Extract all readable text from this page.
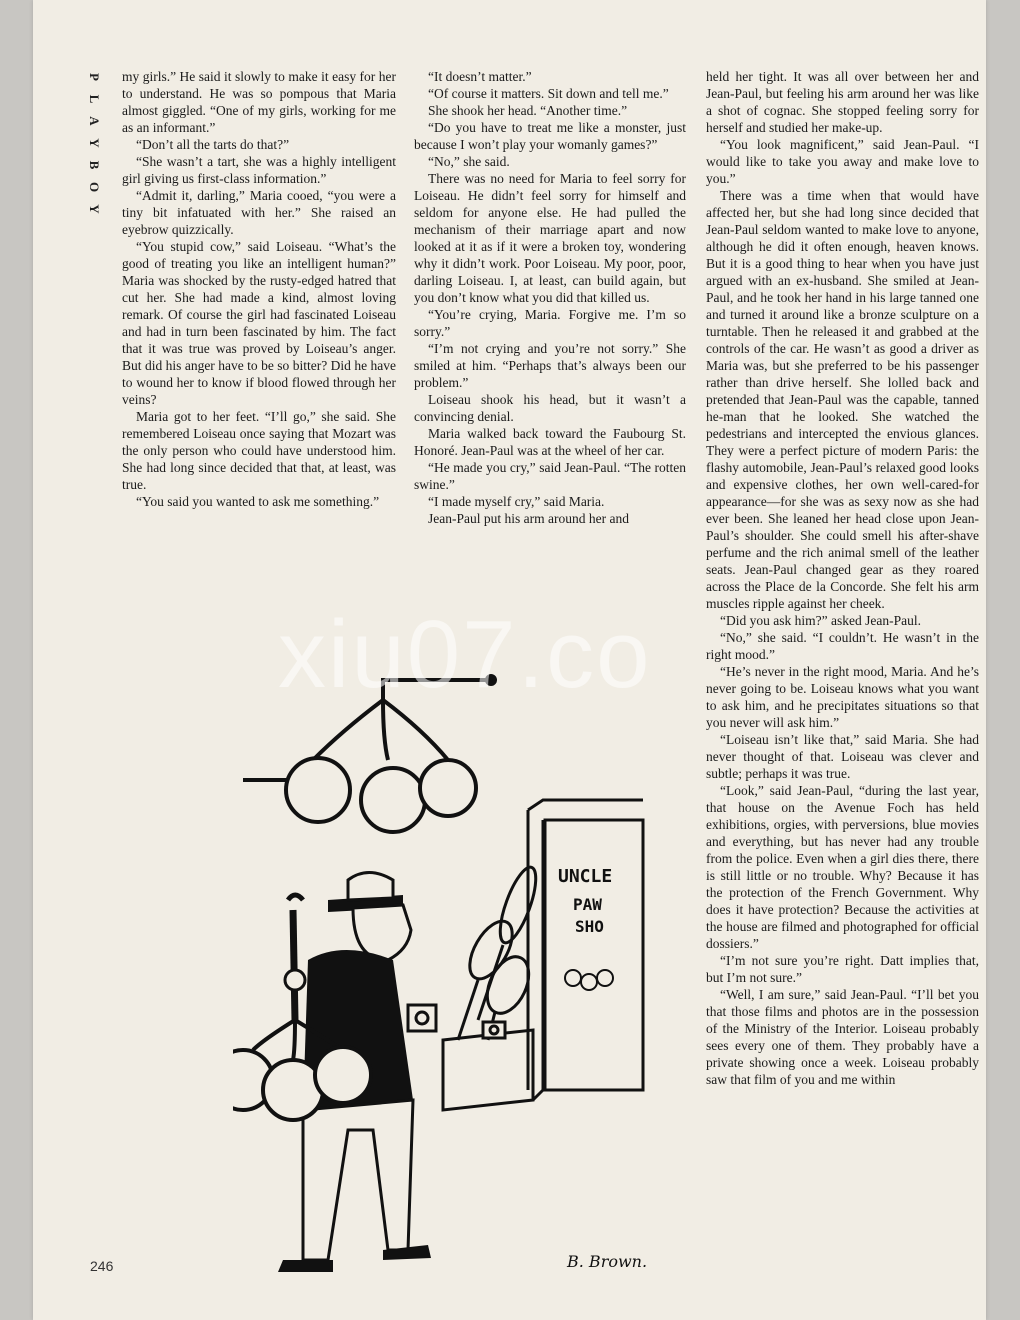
P
L
A
Y
B
O
Y

my girls.” He said it slowly to make it easy for her to understand. He was so pompous that Maria almost giggled. “One of my girls, working for me as an informant.”

“Don’t all the tarts do that?”

“She wasn’t a tart, she was a highly intelligent girl giving us first-class information.”

“Admit it, darling,” Maria cooed, “you were a tiny bit infatuated with her.” She raised an eyebrow quizzically.

“You stupid cow,” said Loiseau. “What’s the good of treating you like an intelligent human?” Maria was shocked by the rusty-edged hatred that cut her. She had made a kind, almost loving remark. Of course the girl had fascinated Loiseau and had in turn been fascinated by him. The fact that it was true was proved by Loiseau’s anger. But did his anger have to be so bitter? Did he have to wound her to know if blood flowed through her veins?

Maria got to her feet. “I’ll go,” she said. She remembered Loiseau once saying that Mozart was the only person who could have understood him. She had long since decided that that, at least, was true.

“You said you wanted to ask me something.”

“It doesn’t matter.”

“Of course it matters. Sit down and tell me.”

She shook her head. “Another time.”

“Do you have to treat me like a monster, just because I won’t play your womanly games?”

“No,” she said.

There was no need for Maria to feel sorry for Loiseau. He didn’t feel sorry for himself and seldom for anyone else. He had pulled the mechanism of their marriage apart and now looked at it as if it were a broken toy, wondering why it didn’t work. Poor Loiseau. My poor, poor, darling Loiseau. I, at least, can build again, but you don’t know what you did that killed us.

“You’re crying, Maria. Forgive me. I’m so sorry.”

“I’m not crying and you’re not sorry.” She smiled at him. “Perhaps that’s always been our problem.”

Loiseau shook his head, but it wasn’t a convincing denial.

Maria walked back toward the Faubourg St. Honoré. Jean-Paul was at the wheel of her car.

“He made you cry,” said Jean-Paul. “The rotten swine.”

“I made myself cry,” said Maria.

Jean-Paul put his arm around her and

held her tight. It was all over between her and Jean-Paul, but feeling his arm around her was like a shot of cognac. She stopped feeling sorry for herself and studied her make-up.

“You look magnificent,” said Jean-Paul. “I would like to take you away and make love to you.”

There was a time when that would have affected her, but she had long since decided that Jean-Paul seldom wanted to make love to anyone, although he did it often enough, heaven knows. But it is a good thing to hear when you have just argued with an ex-husband. She smiled at Jean-Paul, and he took her hand in his large tanned one and turned it around like a bronze sculpture on a turntable. Then he released it and grabbed at the controls of the car. He wasn’t as good a driver as Maria was, but she preferred to be his passenger rather than drive herself. She lolled back and pretended that Jean-Paul was the capable, tanned he-man that he looked. She watched the pedestrians and intercepted the envious glances. They were a perfect picture of modern Paris: the flashy automobile, Jean-Paul’s relaxed good looks and expensive clothes, her own well-cared-for appearance—for she was as sexy now as she had ever been. She leaned her head close upon Jean-Paul’s shoulder. She could smell his after-shave perfume and the rich animal smell of the leather seats. Jean-Paul changed gear as they roared across the Place de la Concorde. She felt his arm muscles ripple against her cheek.

“Did you ask him?” asked Jean-Paul.

“No,” she said. “I couldn’t. He wasn’t in the right mood.”

“He’s never in the right mood, Maria. And he’s never going to be. Loiseau knows what you want to ask him, and he precipitates situations so that you never will ask him.”

“Loiseau isn’t like that,” said Maria. She had never thought of that. Loiseau was clever and subtle; perhaps it was true.

“Look,” said Jean-Paul, “during the last year, that house on the Avenue Foch has held exhibitions, orgies, with perversions, blue movies and everything, but has never had any trouble from the police. Even when a girl dies there, there is still little or no trouble. Why? Because it has the protection of the French Government. Why does it have protection? Because the activities at the house are filmed and photographed for official dossiers.”

“I’m not sure you’re right. Datt implies that, but I’m not sure.”

“Well, I am sure,” said Jean-Paul. “I’ll bet you that those films and photos are in the possession of the Ministry of the Interior. Loiseau probably sees every one of them. They probably have a private showing once a week. Loiseau probably saw that film of you and me within

UNCLE
PAW
SHO
B. Brown.
246
xiu07.co
